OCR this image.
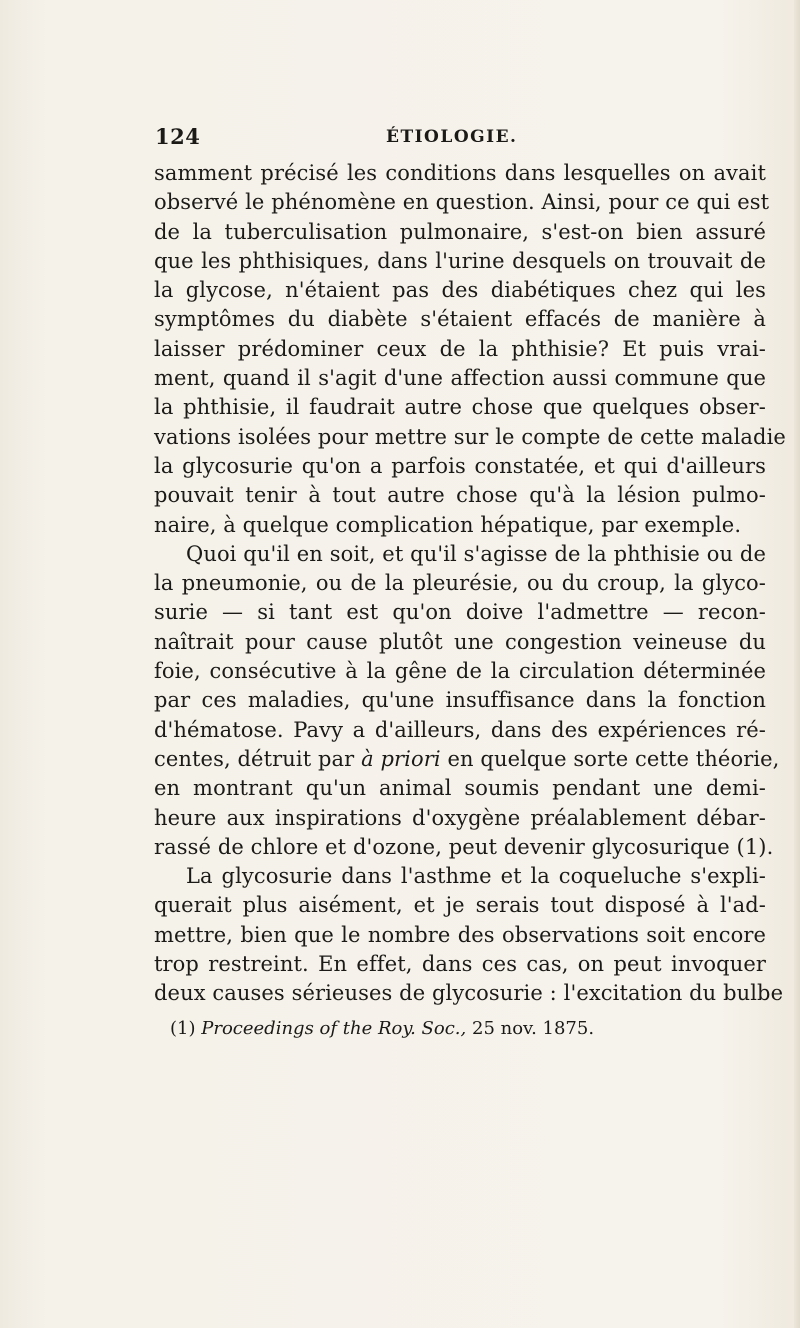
124	ÉTIOLOGIE.
samment précisé les conditions dans lesquelles on avait
observé le phénomène en question. Ainsi, pour ce qui est
de la tuberculisation pulmonaire, s'est-on bien assuré
que les phthisiques, dans l'urine desquels on trouvait de
la glycose, n'étaient pas des diabétiques chez qui les
symptômes du diabète s'étaient effacés de manière à
laisser prédominer ceux de la phthisie? Et puis vrai-
ment, quand il s'agit d'une affection aussi commune que
la phthisie, il faudrait autre chose que quelques obser-
vations isolées pour mettre sur le compte de cette maladie
la glycosurie qu'on a parfois constatée, et qui d'ailleurs
pouvait tenir à tout autre chose qu'à la lésion pulmo-
naire, à quelque complication hépatique, par exemple.
Quoi qu'il en soit, et qu'il s'agisse de la phthisie ou de
la pneumonie, ou de la pleurésie, ou du croup, la glyco-
surie — si tant est qu'on doive l'admettre — recon-
naîtrait pour cause plutôt une congestion veineuse du
foie, consécutive à la gêne de la circulation déterminée
par ces maladies, qu'une insuffisance dans la fonction
d'hématose. Pavy a d'ailleurs, dans des expériences ré-
centes, détruit par à priori en quelque sorte cette théorie,
en montrant qu'un animal soumis pendant une demi-
heure aux inspirations d'oxygène préalablement débar-
rassé de chlore et d'ozone, peut devenir glycosurique (1).
La glycosurie dans l'asthme et la coqueluche s'expli-
querait plus aisément, et je serais tout disposé à l'ad-
mettre, bien que le nombre des observations soit encore
trop restreint. En effet, dans ces cas, on peut invoquer
deux causes sérieuses de glycosurie : l'excitation du bulbe
(1) Proceedings of the Roy. Soc., 25 nov. 1875.
